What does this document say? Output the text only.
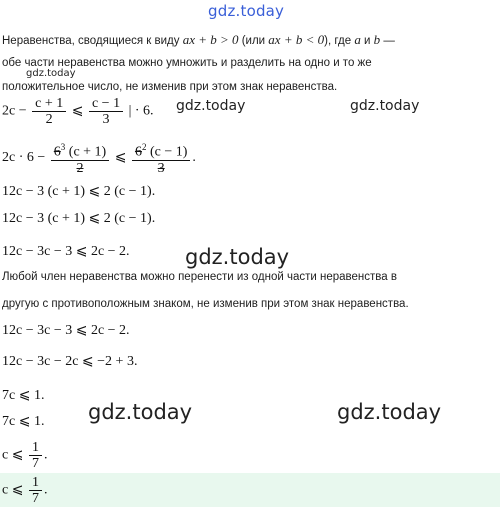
gdz.today
Неравенства, сводящиеся к виду ax + b > 0 (или ax + b < 0), где a и b —
обе части неравенства можно умножить и разделить на одно и то же
gdz.today
положительное число, не изменив при этом знак неравенства.
$2c - \frac{c + 1}{2}$ ⩽ $\frac{c - 1}{3}$ | · 6. gdz.today	gdz.today
$2c \cdot 6 - \frac{6^3 (c + 1)}{2}$ ⩽ $\frac{6^2 (c - 1)}{3}$ .
12c − 3 (c + 1) ⩽ 2 (c − 1).
12c − 3 (c + 1) ⩽ 2 (c − 1).
12c − 3c − 3 ⩽ 2c − 2.	gdz.today
Любой член неравенства можно перенести из одной части неравенства в
другую с противоположным знаком, не изменив при этом знак неравенства.
12c − 3c − 3 ⩽ 2c − 2.
12c − 3c − 2c ⩽ −2 + 3.
7c ⩽ 1.
7c ⩽ 1. gdz.today	gdz.today
c ⩽ $\frac{1}{7}$ .
c ⩽ $\frac{1}{7}$ .
